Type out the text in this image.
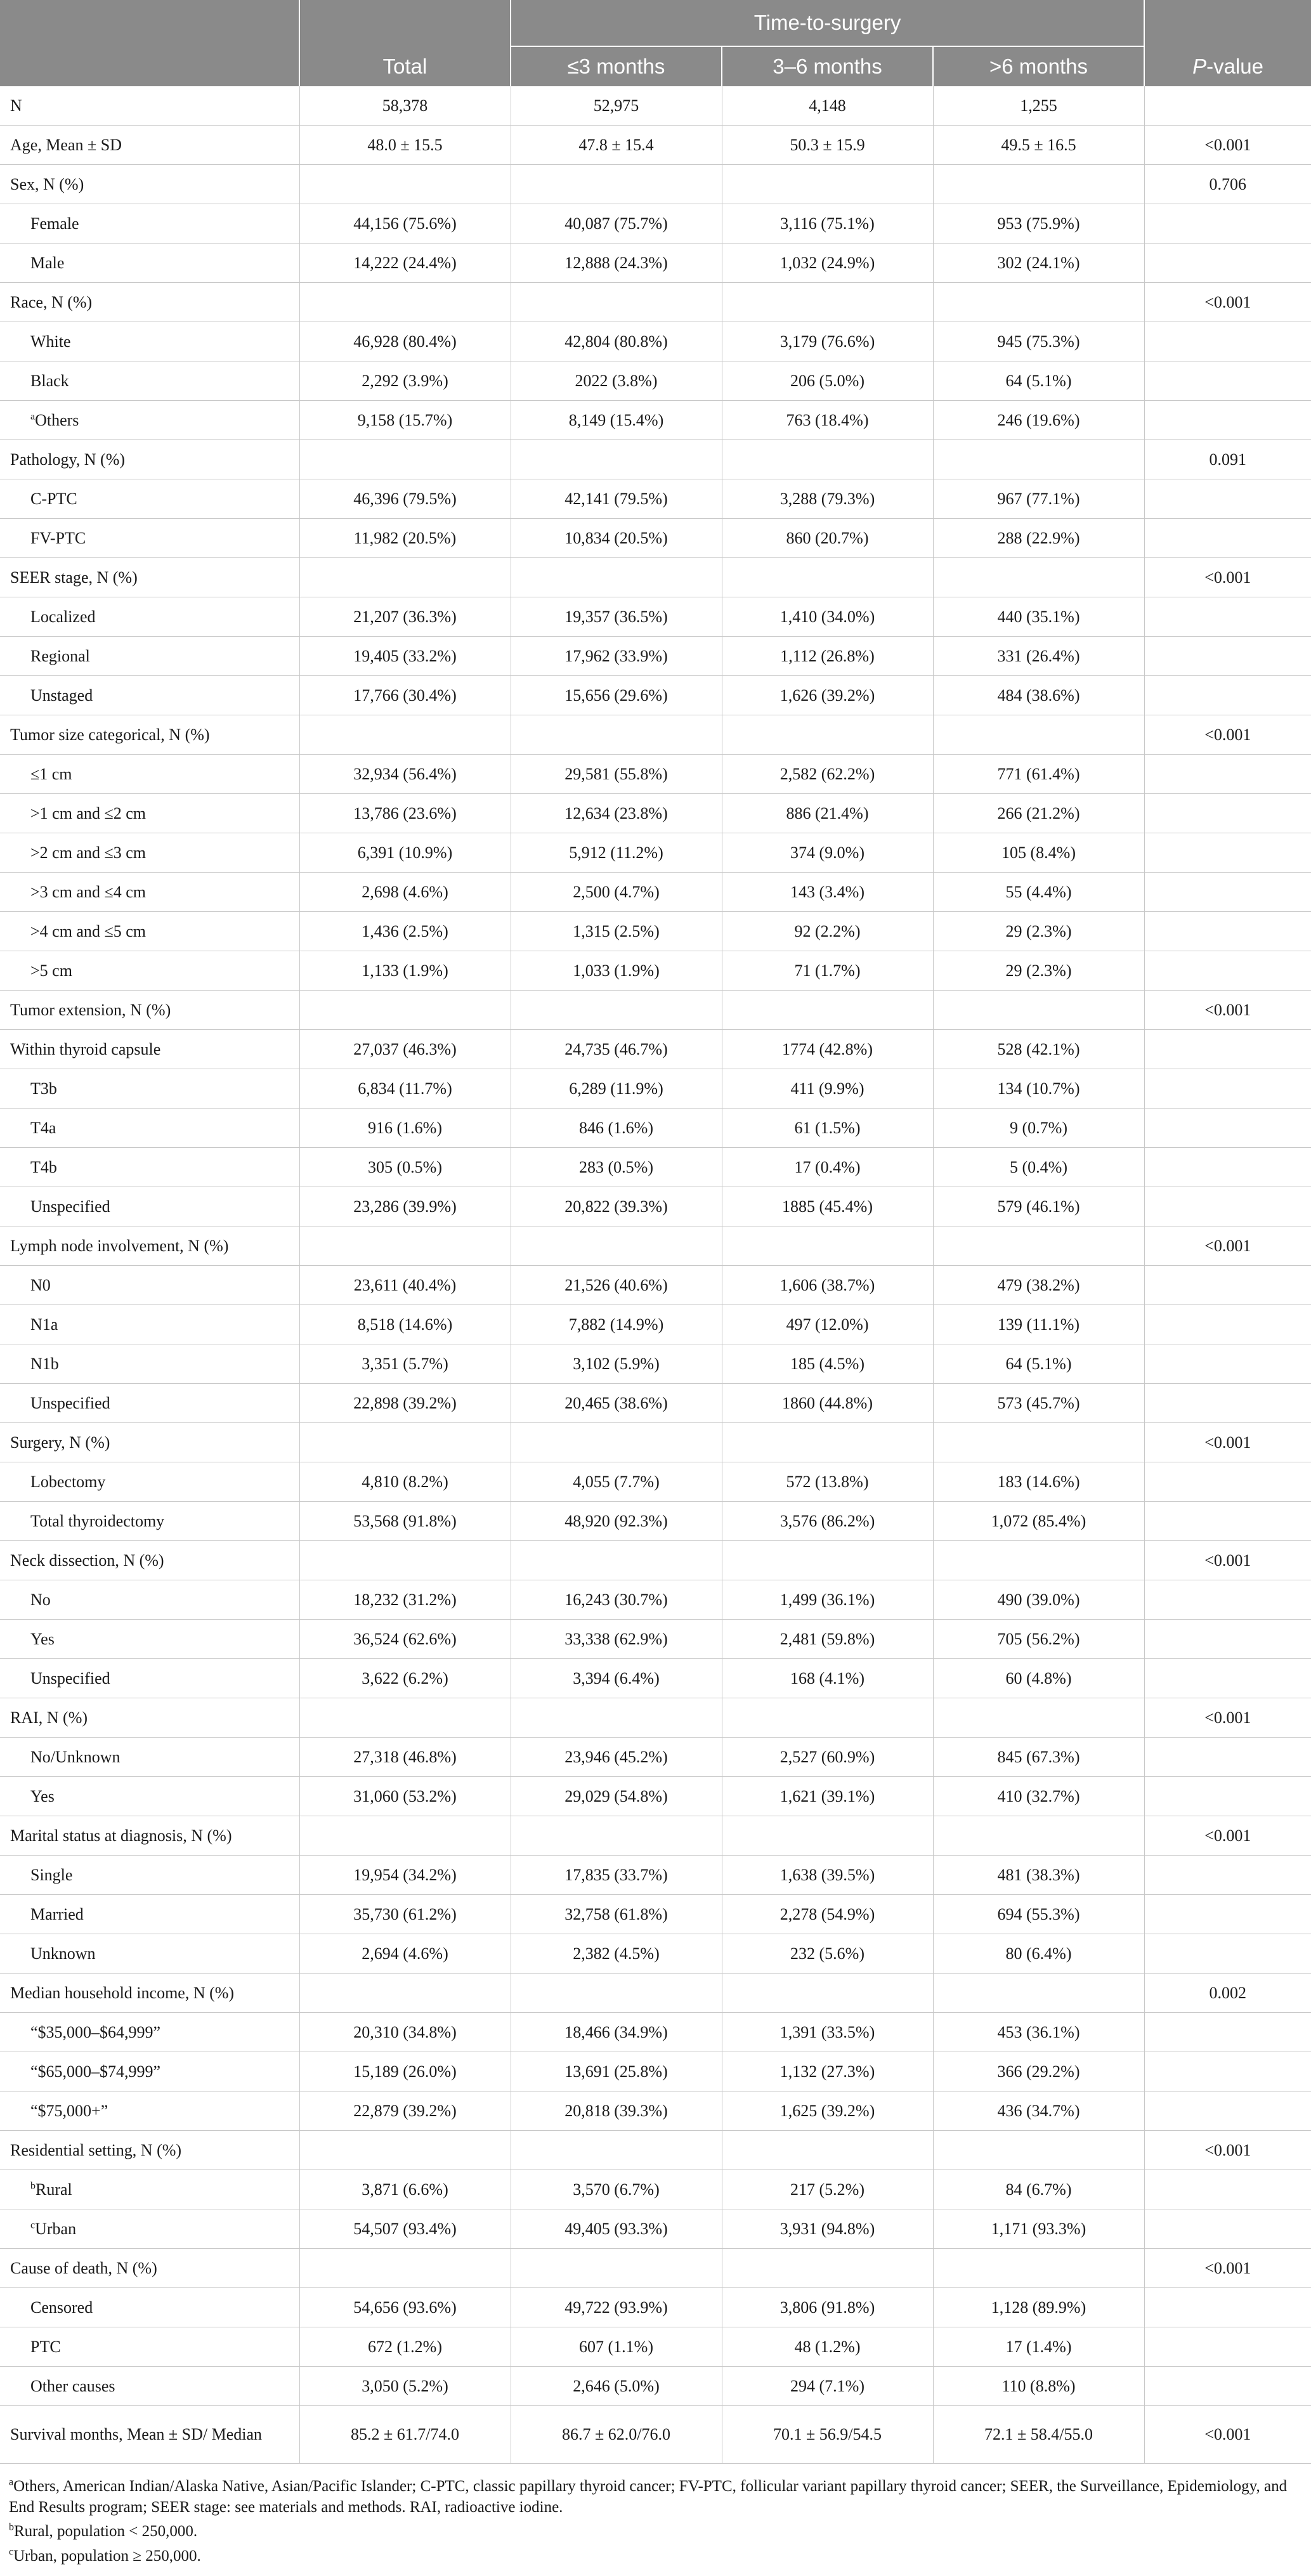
		Time-to-surgery			
	Total	≤3 months	3–6 months	>6 months	P-value
N	58,378	52,975	4,148	1,255	
Age, Mean ± SD	48.0 ± 15.5	47.8 ± 15.4	50.3 ± 15.9	49.5 ± 16.5	<0.001
Sex, N (%)					0.706
Female	44,156 (75.6%)	40,087 (75.7%)	3,116 (75.1%)	953 (75.9%)	
Male	14,222 (24.4%)	12,888 (24.3%)	1,032 (24.9%)	302 (24.1%)	
Race, N (%)					<0.001
White	46,928 (80.4%)	42,804 (80.8%)	3,179 (76.6%)	945 (75.3%)	
Black	2,292 (3.9%)	2022 (3.8%)	206 (5.0%)	64 (5.1%)	
$^a$Others	9,158 (15.7%)	8,149 (15.4%)	763 (18.4%)	246 (19.6%)	
Pathology, N (%)					0.091
C-PTC	46,396 (79.5%)	42,141 (79.5%)	3,288 (79.3%)	967 (77.1%)	
FV-PTC	11,982 (20.5%)	10,834 (20.5%)	860 (20.7%)	288 (22.9%)	
SEER stage, N (%)					<0.001
Localized	21,207 (36.3%)	19,357 (36.5%)	1,410 (34.0%)	440 (35.1%)	
Regional	19,405 (33.2%)	17,962 (33.9%)	1,112 (26.8%)	331 (26.4%)	
Unstaged	17,766 (30.4%)	15,656 (29.6%)	1,626 (39.2%)	484 (38.6%)	
Tumor size categorical, N (%)					<0.001
≤1 cm	32,934 (56.4%)	29,581 (55.8%)	2,582 (62.2%)	771 (61.4%)	
>1 cm and ≤2 cm	13,786 (23.6%)	12,634 (23.8%)	886 (21.4%)	266 (21.2%)	
>2 cm and ≤3 cm	6,391 (10.9%)	5,912 (11.2%)	374 (9.0%)	105 (8.4%)	
>3 cm and ≤4 cm	2,698 (4.6%)	2,500 (4.7%)	143 (3.4%)	55 (4.4%)	
>4 cm and ≤5 cm	1,436 (2.5%)	1,315 (2.5%)	92 (2.2%)	29 (2.3%)	
>5 cm	1,133 (1.9%)	1,033 (1.9%)	71 (1.7%)	29 (2.3%)	
Tumor extension, N (%)					<0.001
Within thyroid capsule	27,037 (46.3%)	24,735 (46.7%)	1774 (42.8%)	528 (42.1%)	
T3b	6,834 (11.7%)	6,289 (11.9%)	411 (9.9%)	134 (10.7%)	
T4a	916 (1.6%)	846 (1.6%)	61 (1.5%)	9 (0.7%)	
T4b	305 (0.5%)	283 (0.5%)	17 (0.4%)	5 (0.4%)	
Unspecified	23,286 (39.9%)	20,822 (39.3%)	1885 (45.4%)	579 (46.1%)	
Lymph node involvement, N (%)					<0.001
N0	23,611 (40.4%)	21,526 (40.6%)	1,606 (38.7%)	479 (38.2%)	
N1a	8,518 (14.6%)	7,882 (14.9%)	497 (12.0%)	139 (11.1%)	
N1b	3,351 (5.7%)	3,102 (5.9%)	185 (4.5%)	64 (5.1%)	
Unspecified	22,898 (39.2%)	20,465 (38.6%)	1860 (44.8%)	573 (45.7%)	
Surgery, N (%)					<0.001
Lobectomy	4,810 (8.2%)	4,055 (7.7%)	572 (13.8%)	183 (14.6%)	
Total thyroidectomy	53,568 (91.8%)	48,920 (92.3%)	3,576 (86.2%)	1,072 (85.4%)	
Neck dissection, N (%)					<0.001
No	18,232 (31.2%)	16,243 (30.7%)	1,499 (36.1%)	490 (39.0%)	
Yes	36,524 (62.6%)	33,338 (62.9%)	2,481 (59.8%)	705 (56.2%)	
Unspecified	3,622 (6.2%)	3,394 (6.4%)	168 (4.1%)	60 (4.8%)	
RAI, N (%)					<0.001
No/Unknown	27,318 (46.8%)	23,946 (45.2%)	2,527 (60.9%)	845 (67.3%)	
Yes	31,060 (53.2%)	29,029 (54.8%)	1,621 (39.1%)	410 (32.7%)	
Marital status at diagnosis, N (%)					<0.001
Single	19,954 (34.2%)	17,835 (33.7%)	1,638 (39.5%)	481 (38.3%)	
Married	35,730 (61.2%)	32,758 (61.8%)	2,278 (54.9%)	694 (55.3%)	
Unknown	2,694 (4.6%)	2,382 (4.5%)	232 (5.6%)	80 (6.4%)	
Median household income, N (%)					0.002
“$35,000–$64,999”	20,310 (34.8%)	18,466 (34.9%)	1,391 (33.5%)	453 (36.1%)	
“$65,000–$74,999”	15,189 (26.0%)	13,691 (25.8%)	1,132 (27.3%)	366 (29.2%)	
“$75,000+”	22,879 (39.2%)	20,818 (39.3%)	1,625 (39.2%)	436 (34.7%)	
Residential setting, N (%)					<0.001
$^b$Rural	3,871 (6.6%)	3,570 (6.7%)	217 (5.2%)	84 (6.7%)	
$^c$Urban	54,507 (93.4%)	49,405 (93.3%)	3,931 (94.8%)	1,171 (93.3%)	
Cause of death, N (%)					<0.001
Censored	54,656 (93.6%)	49,722 (93.9%)	3,806 (91.8%)	1,128 (89.9%)	
PTC	672 (1.2%)	607 (1.1%)	48 (1.2%)	17 (1.4%)	
Other causes	3,050 (5.2%)	2,646 (5.0%)	294 (7.1%)	110 (8.8%)	
Survival months, Mean ± SD/ Median	85.2 ± 61.7/74.0	86.7 ± 62.0/76.0	70.1 ± 56.9/54.5	72.1 ± 58.4/55.0	<0.001

$^a$Others, American Indian/Alaska Native, Asian/Pacific Islander; C-PTC, classic papillary thyroid cancer; FV-PTC, follicular variant papillary thyroid cancer; SEER, the Surveillance, Epidemiology, and End Results program; SEER stage: see materials and methods. RAI, radioactive iodine.

$^b$Rural, population < 250,000.

$^c$Urban, population ≥ 250,000.
